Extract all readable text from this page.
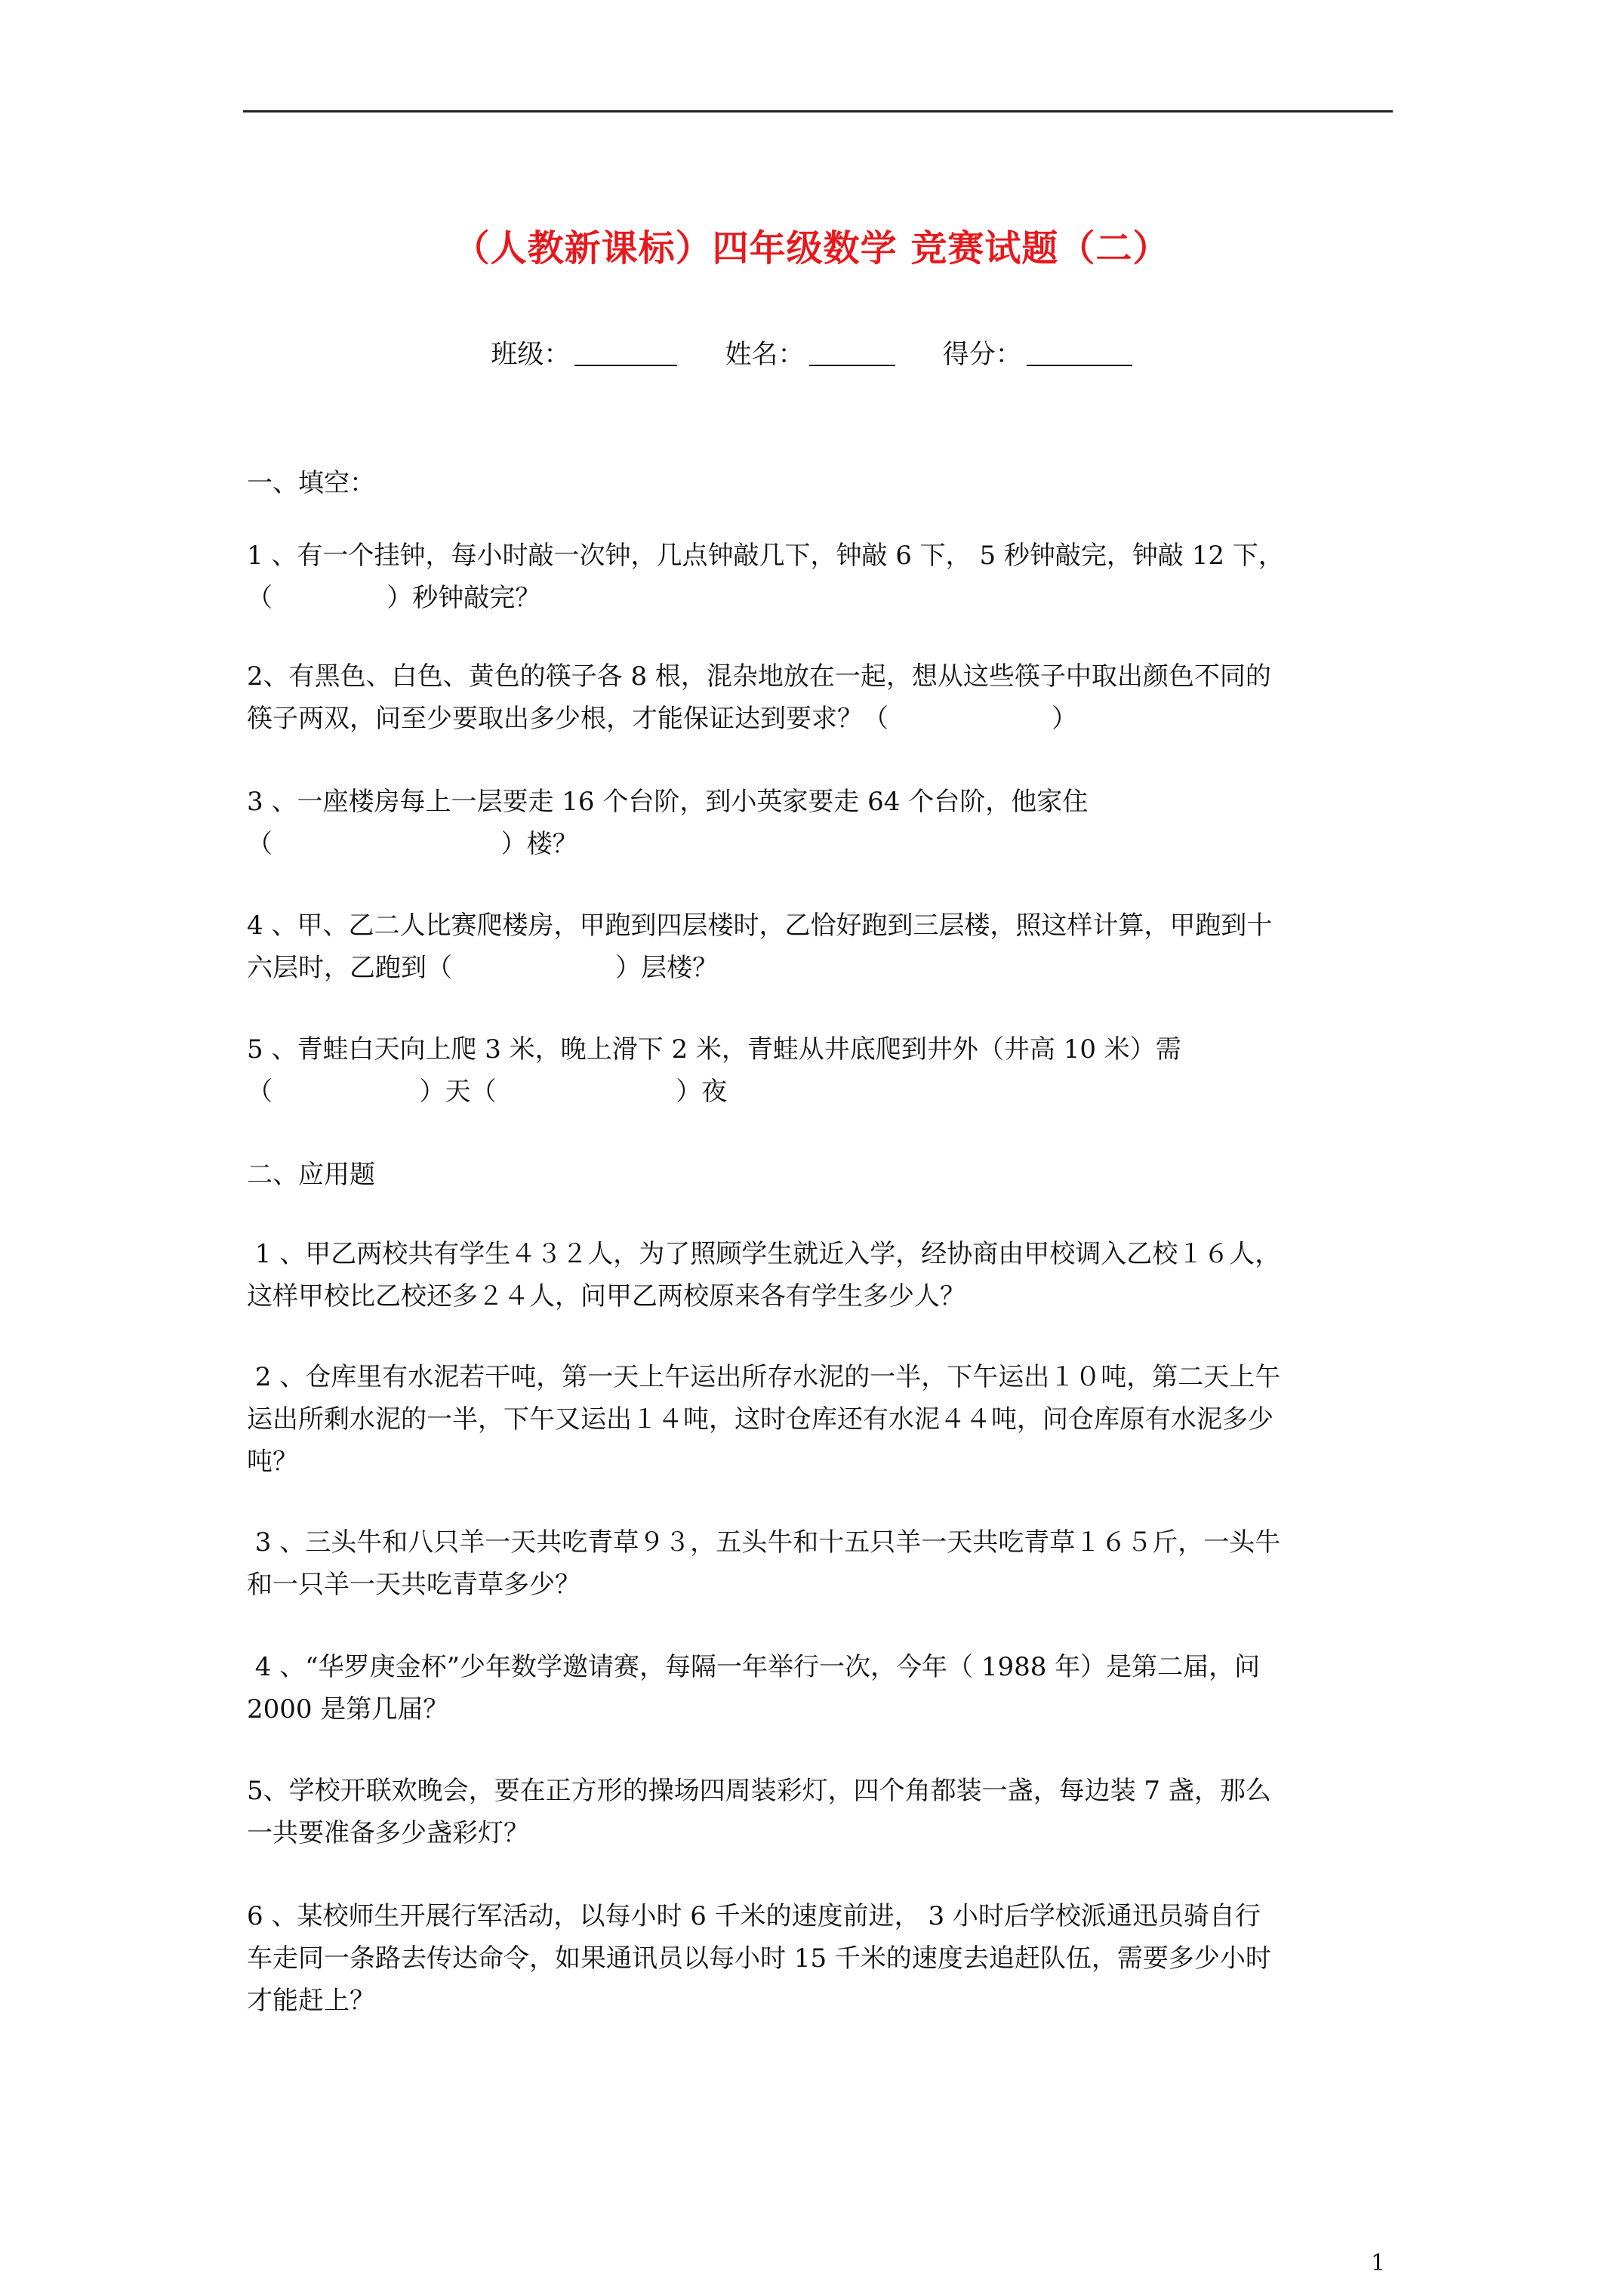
（人教新课标）四年级数学 竞赛试题（二）
班级：	姓名：	得分：

一、填空：

1 、有一个挂钟，每小时敲一次钟，几点钟敲几下，钟敲 6 下， 5 秒钟敲完，钟敲 12 下，

（              ）秒钟敲完？

2、有黑色、白色、黄色的筷子各 8 根，混杂地放在一起，想从这些筷子中取出颜色不同的

筷子两双，问至少要取出多少根，才能保证达到要求？（                    ）

3 、一座楼房每上一层要走 16 个台阶，到小英家要走 64 个台阶，他家住

（                            ）楼？

4 、甲、乙二人比赛爬楼房，甲跑到四层楼时，乙恰好跑到三层楼，照这样计算，甲跑到十

六层时，乙跑到（                    ）层楼？

5 、青蛙白天向上爬 3 米，晚上滑下 2 米，青蛙从井底爬到井外（井高 10 米）需

（                  ）天（                      ）夜

二、应用题

1 、甲乙两校共有学生４３２人，为了照顾学生就近入学，经协商由甲校调入乙校１６人，

这样甲校比乙校还多２４人，问甲乙两校原来各有学生多少人？

2 、仓库里有水泥若干吨，第一天上午运出所存水泥的一半，下午运出１０吨，第二天上午

运出所剩水泥的一半，下午又运出１４吨，这时仓库还有水泥４４吨，问仓库原有水泥多少

吨？

3 、三头牛和八只羊一天共吃青草９３，五头牛和十五只羊一天共吃青草１６５斤，一头牛

和一只羊一天共吃青草多少？

4 、“华罗庚金杯”少年数学邀请赛，每隔一年举行一次，今年（ 1988 年）是第二届，问

2000 是第几届？

5、学校开联欢晚会，要在正方形的操场四周装彩灯，四个角都装一盏，每边装 7 盏，那么

一共要准备多少盏彩灯？

6 、某校师生开展行军活动，以每小时 6 千米的速度前进， 3 小时后学校派通迅员骑自行

车走同一条路去传达命令，如果通讯员以每小时 15 千米的速度去追赶队伍，需要多少小时

才能赶上？

1
